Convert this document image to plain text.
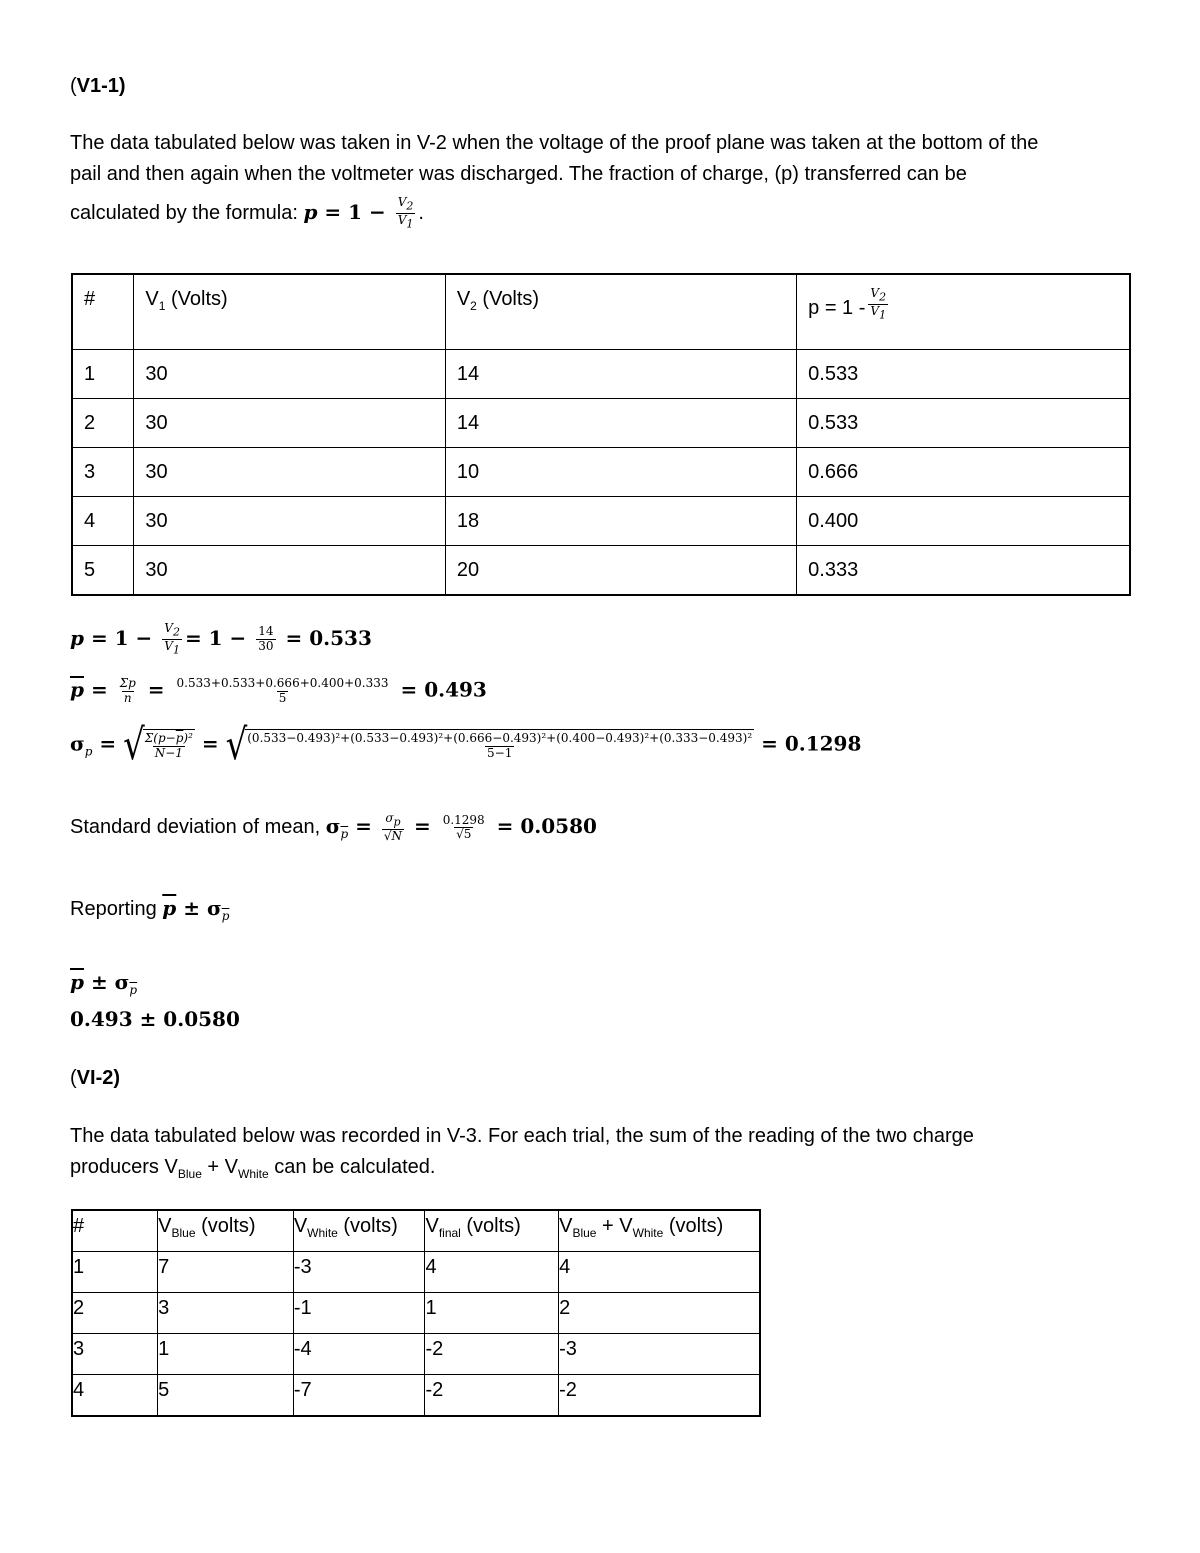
(V1-1)
The data tabulated below was taken in V-2 when the voltage of the proof plane was taken at the bottom of the
pail and then again when the voltmeter was discharged. The fraction of charge, (p) transferred can be
calculated by the formula: $p = 1 - \frac{V_2}{V_1}$ .
#	$V_1$ (Volts)	$V_2$ (Volts)	$p = 1 - \frac{V_2}{V_1}$

1	30	14	0.533
2	30	14	0.533
3	30	10	0.666
4	30	18	0.400
5	30	20	0.333
$p = 1 - \frac{V_2}{V_1} = 1 - \frac{14}{30} = 0.533$
$\overline{p} = \frac{\Sigma p}{n} = \frac{0.533+0.533+0.666+0.400+0.333}{5} = 0.493$
$\sigma_p$ = √
$\frac{\Sigma(p-\overline{p})^2}{N-1}$ = √ (0.533−0.493)²+(0.533−0.493)²+(0.666−0.493)²+(0.400−0.493)²+(0.333−0.493)²
5−1	= 0.1298
Standard deviation of mean, $\sigma_{\overline{p}} = \frac{\sigma_p}{√N} = \frac{0.1298}{√5} = 0.0580$
Reporting $\overline{p} \pm \sigma_{\overline{p}}$
$\overline{p} \pm \sigma_{\overline{p}}$
0.493 ± 0.0580
(VI-2)
The data tabulated below was recorded in V-3. For each trial, the sum of the reading of the two charge
producers $V_{Blue} + V_{White}$ can be calculated.
#	$V_{Blue}$ (volts)	$V_{White}$ (volts)	$V_{final}$ (volts)	$V_{Blue} + V_{White}$ (volts)
1	7	-3	4	4
2	3	-1	1	2
3	1	-4	-2	-3
4	5	-7	-2	-2
